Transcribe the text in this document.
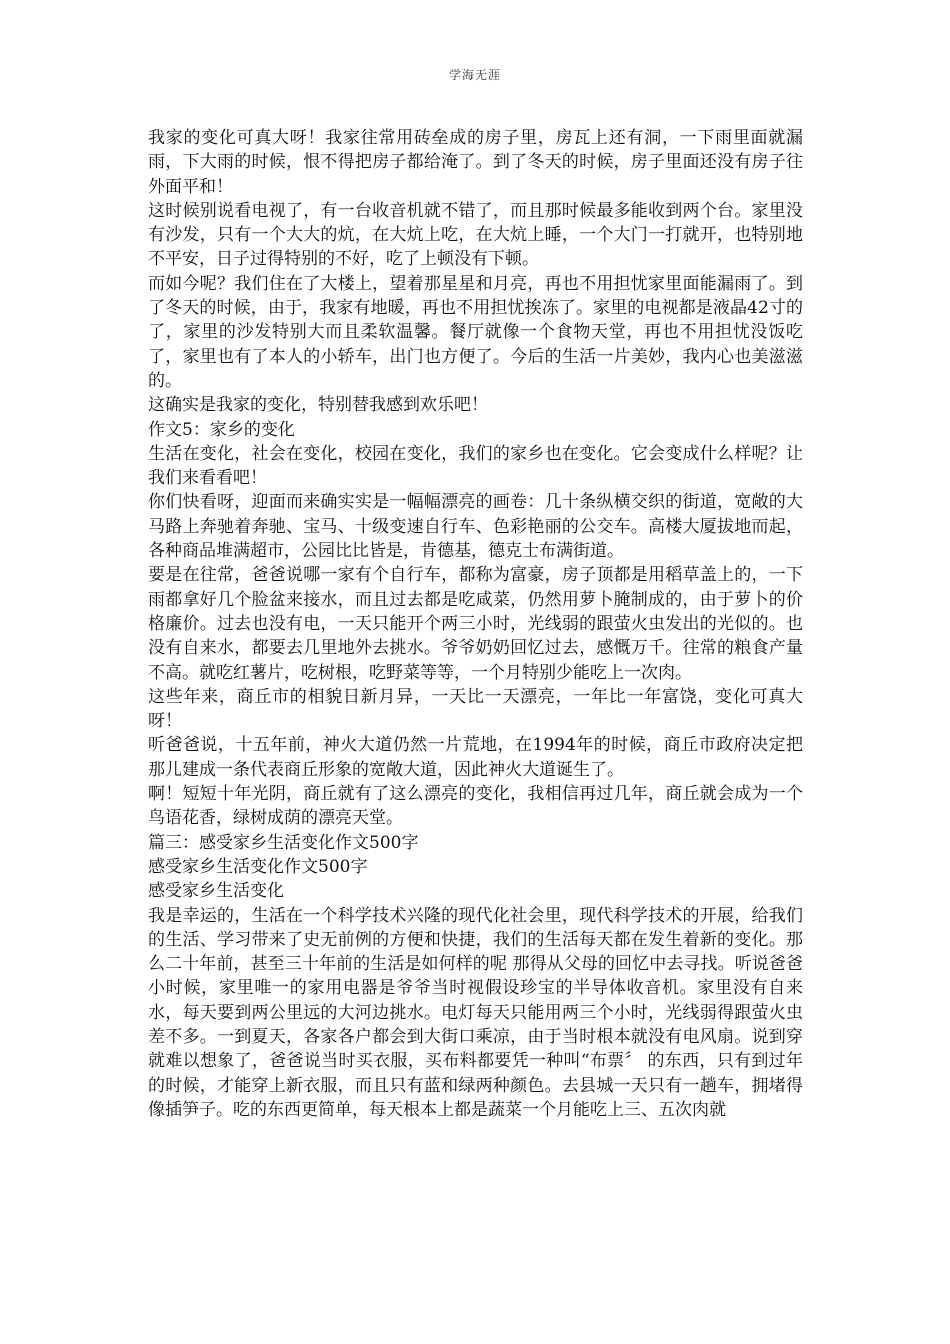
学海无涯

我家的变化可真大呀！我家往常用砖垒成的房子里，房瓦上还有洞，一下雨里面就漏雨，下大雨的时候，恨不得把房子都给淹了。到了冬天的时候，房子里面还没有房子往外面平和！

这时候别说看电视了，有一台收音机就不错了，而且那时候最多能收到两个台。家里没有沙发，只有一个大大的炕，在大炕上吃，在大炕上睡，一个大门一打就开，也特别地不平安，日子过得特别的不好，吃了上顿没有下顿。

而如今呢？我们住在了大楼上，望着那星星和月亮，再也不用担忧家里面能漏雨了。到了冬天的时候，由于，我家有地暖，再也不用担忧挨冻了。家里的电视都是液晶42寸的了，家里的沙发特别大而且柔软温馨。餐厅就像一个食物天堂，再也不用担忧没饭吃了，家里也有了本人的小轿车，出门也方便了。今后的生活一片美妙，我内心也美滋滋的。

这确实是我家的变化，特别替我感到欢乐吧！

作文5：家乡的变化

生活在变化，社会在变化，校园在变化，我们的家乡也在变化。它会变成什么样呢？让我们来看看吧！

你们快看呀，迎面而来确实实是一幅幅漂亮的画卷：几十条纵横交织的街道，宽敞的大马路上奔驰着奔驰、宝马、十级变速自行车、色彩艳丽的公交车。高楼大厦拔地而起，各种商品堆满超市，公园比比皆是，肯德基，德克士布满街道。

要是在往常，爸爸说哪一家有个自行车，都称为富豪，房子顶都是用稻草盖上的，一下雨都拿好几个脸盆来接水，而且过去都是吃咸菜，仍然用萝卜腌制成的，由于萝卜的价格廉价。过去也没有电，一天只能开个两三小时，光线弱的跟萤火虫发出的光似的。也没有自来水，都要去几里地外去挑水。爷爷奶奶回忆过去，感慨万千。往常的粮食产量不高。就吃红薯片，吃树根，吃野菜等等，一个月特别少能吃上一次肉。

这些年来，商丘市的相貌日新月异，一天比一天漂亮，一年比一年富饶，变化可真大呀！

听爸爸说，十五年前，神火大道仍然一片荒地，在1994年的时候，商丘市政府决定把那儿建成一条代表商丘形象的宽敞大道，因此神火大道诞生了。

啊！短短十年光阴，商丘就有了这么漂亮的变化，我相信再过几年，商丘就会成为一个鸟语花香，绿树成荫的漂亮天堂。

篇三：感受家乡生活变化作文500字

感受家乡生活变化作文500字

感受家乡生活变化

我是幸运的，生活在一个科学技术兴隆的现代化社会里，现代科学技术的开展，给我们的生活、学习带来了史无前例的方便和快捷，我们的生活每天都在发生着新的变化。那么二十年前，甚至三十年前的生活是如何样的呢 那得从父母的回忆中去寻找。听说爸爸小时候，家里唯一的家用电器是爷爷当时视假设珍宝的半导体收音机。家里没有自来水，每天要到两公里远的大河边挑水。电灯每天只能用两三个小时，光线弱得跟萤火虫差不多。一到夏天，各家各户都会到大街口乘凉，由于当时根本就没有电风扇。说到穿就难以想象了，爸爸说当时买衣服，买布料都要凭一种叫“布票〞 的东西，只有到过年的时候，才能穿上新衣服，而且只有蓝和绿两种颜色。去县城一天只有一趟车，拥堵得像插笋子。吃的东西更简单，每天根本上都是蔬菜一个月能吃上三、五次肉就
